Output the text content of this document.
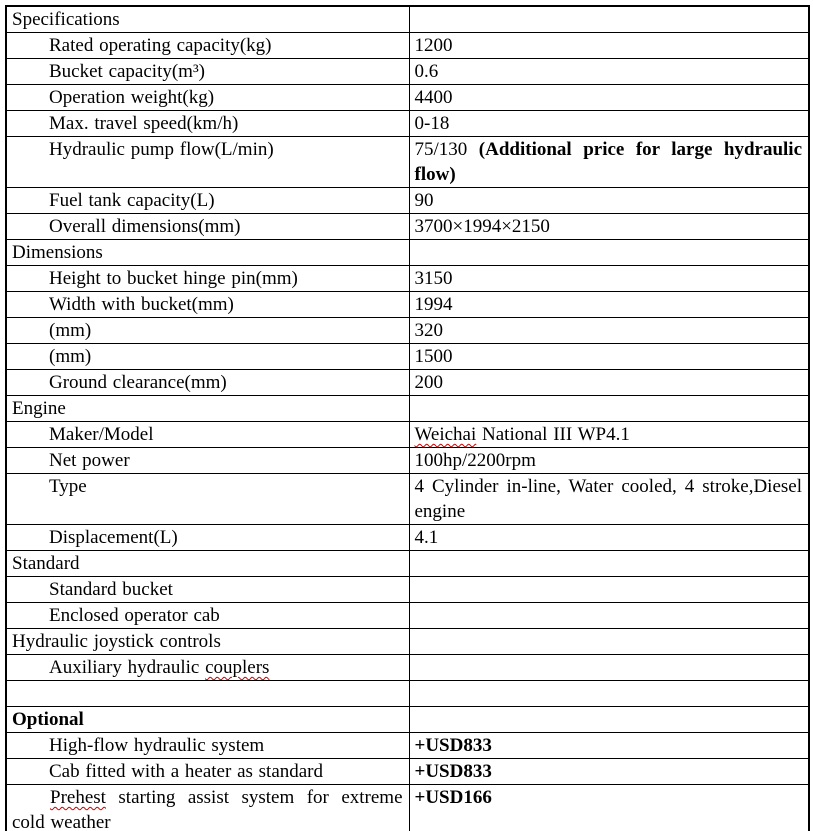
Specifications	
Rated operating capacity(kg)	1200
Bucket capacity(m³)	0.6
Operation weight(kg)	4400
Max. travel speed(km/h)	0-18
Hydraulic pump flow(L/min)	75/130 (Additional price for large hydraulic flow)
Fuel tank capacity(L)	90
Overall dimensions(mm)	3700×1994×2150
Dimensions	
Height to bucket hinge pin(mm)	3150
Width with bucket(mm)	1994
(mm)	320
(mm)	1500
Ground clearance(mm)	200
Engine	
Maker/Model	Weichai National III WP4.1
Net power	100hp/2200rpm
Type	4 Cylinder in-line, Water cooled, 4 stroke,Diesel engine
Displacement(L)	4.1
Standard	
Standard bucket	
Enclosed operator cab	
Hydraulic joystick controls	
Auxiliary hydraulic couplers	

Optional	
High-flow hydraulic system	+USD833
Cab fitted with a heater as standard	+USD833
Prehest starting assist system for extreme cold weather	+USD166
